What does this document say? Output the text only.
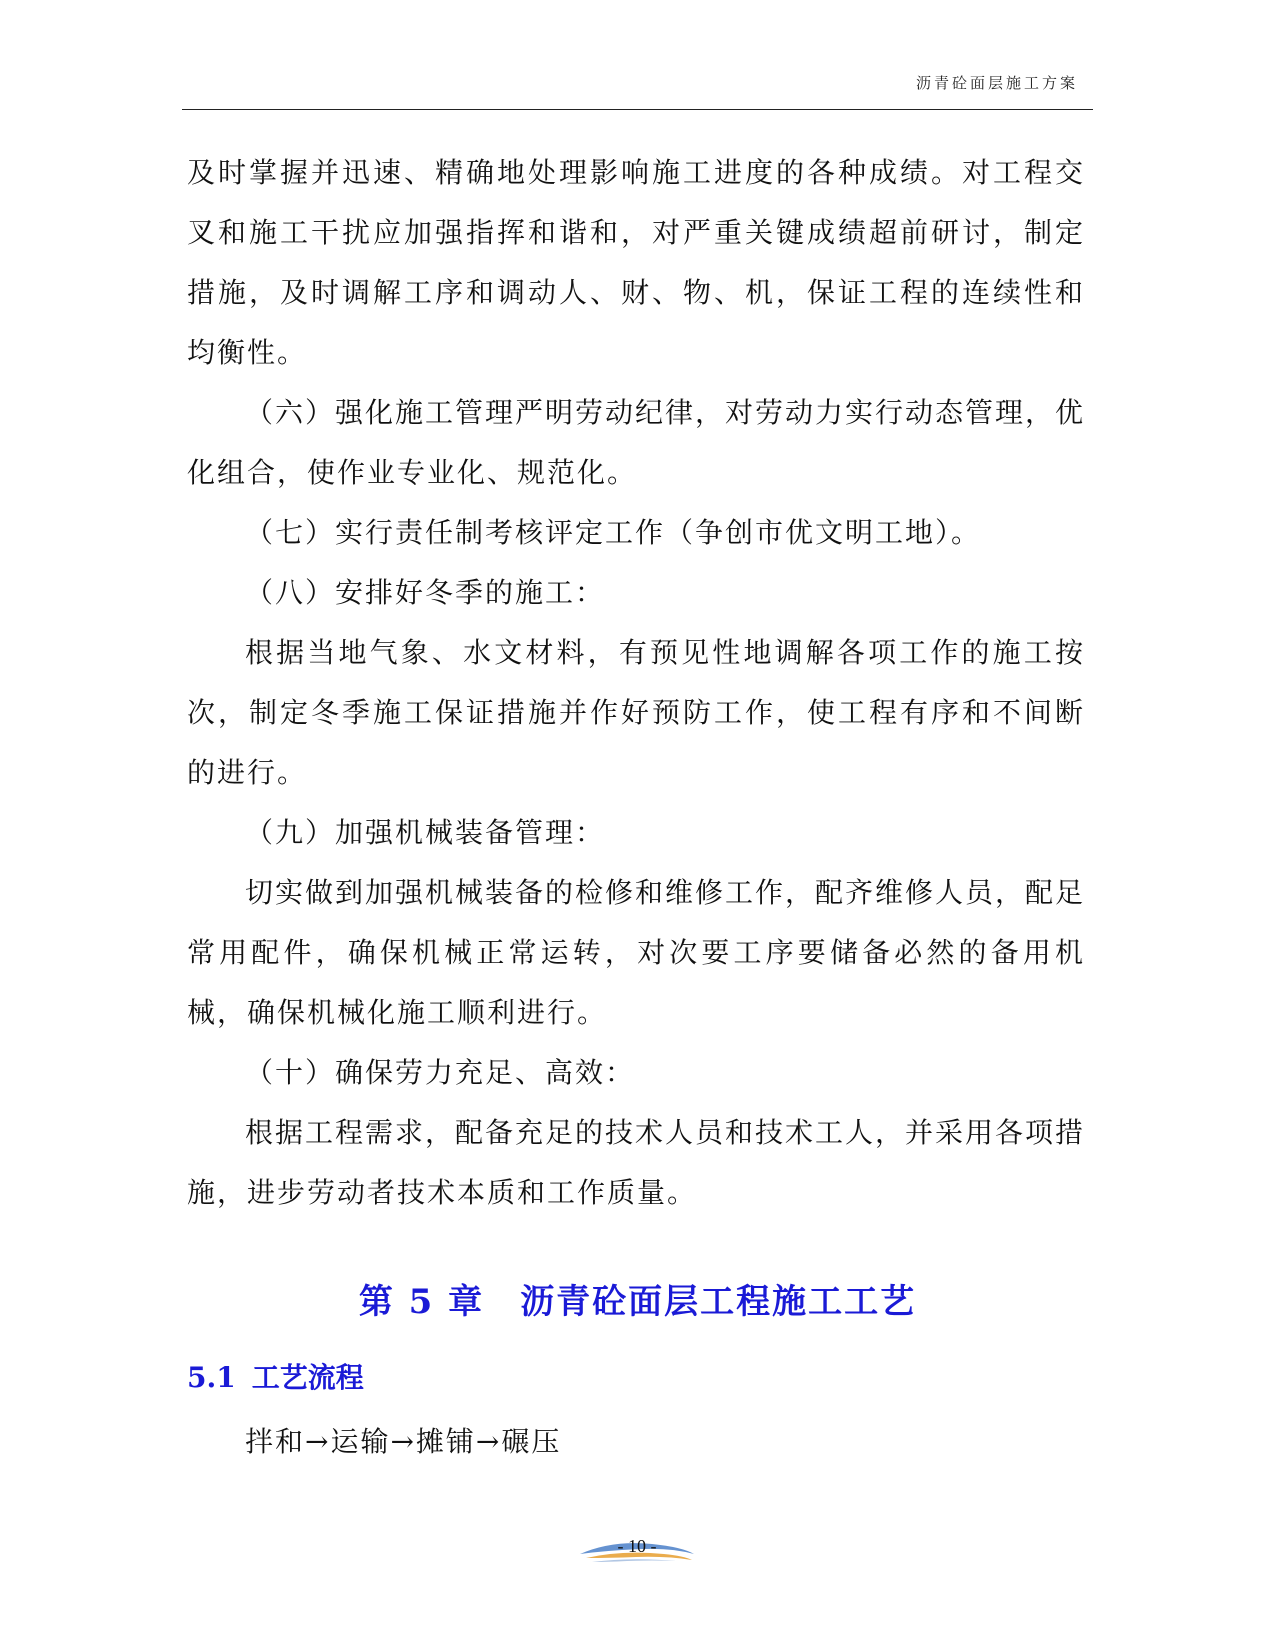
沥青砼面层施工方案

及时掌握并迅速、精确地处理影响施工进度的各种成绩。对工程交叉和施工干扰应加强指挥和谐和，对严重关键成绩超前研讨，制定措施，及时调解工序和调动人、财、物、机，保证工程的连续性和均衡性。

（六）强化施工管理严明劳动纪律，对劳动力实行动态管理，优化组合，使作业专业化、规范化。

（七）实行责任制考核评定工作（争创市优文明工地）。

（八）安排好冬季的施工：

根据当地气象、水文材料，有预见性地调解各项工作的施工按次，制定冬季施工保证措施并作好预防工作，使工程有序和不间断的进行。

（九）加强机械装备管理：

切实做到加强机械装备的检修和维修工作，配齐维修人员，配足常用配件，确保机械正常运转，对次要工序要储备必然的备用机械，确保机械化施工顺利进行。

（十）确保劳力充足、高效：

根据工程需求，配备充足的技术人员和技术工人，并采用各项措施，进步劳动者技术本质和工作质量。

第 5 章 沥青砼面层工程施工工艺
5.1 工艺流程
拌和→运输→摊铺→碾压
- 10 -
